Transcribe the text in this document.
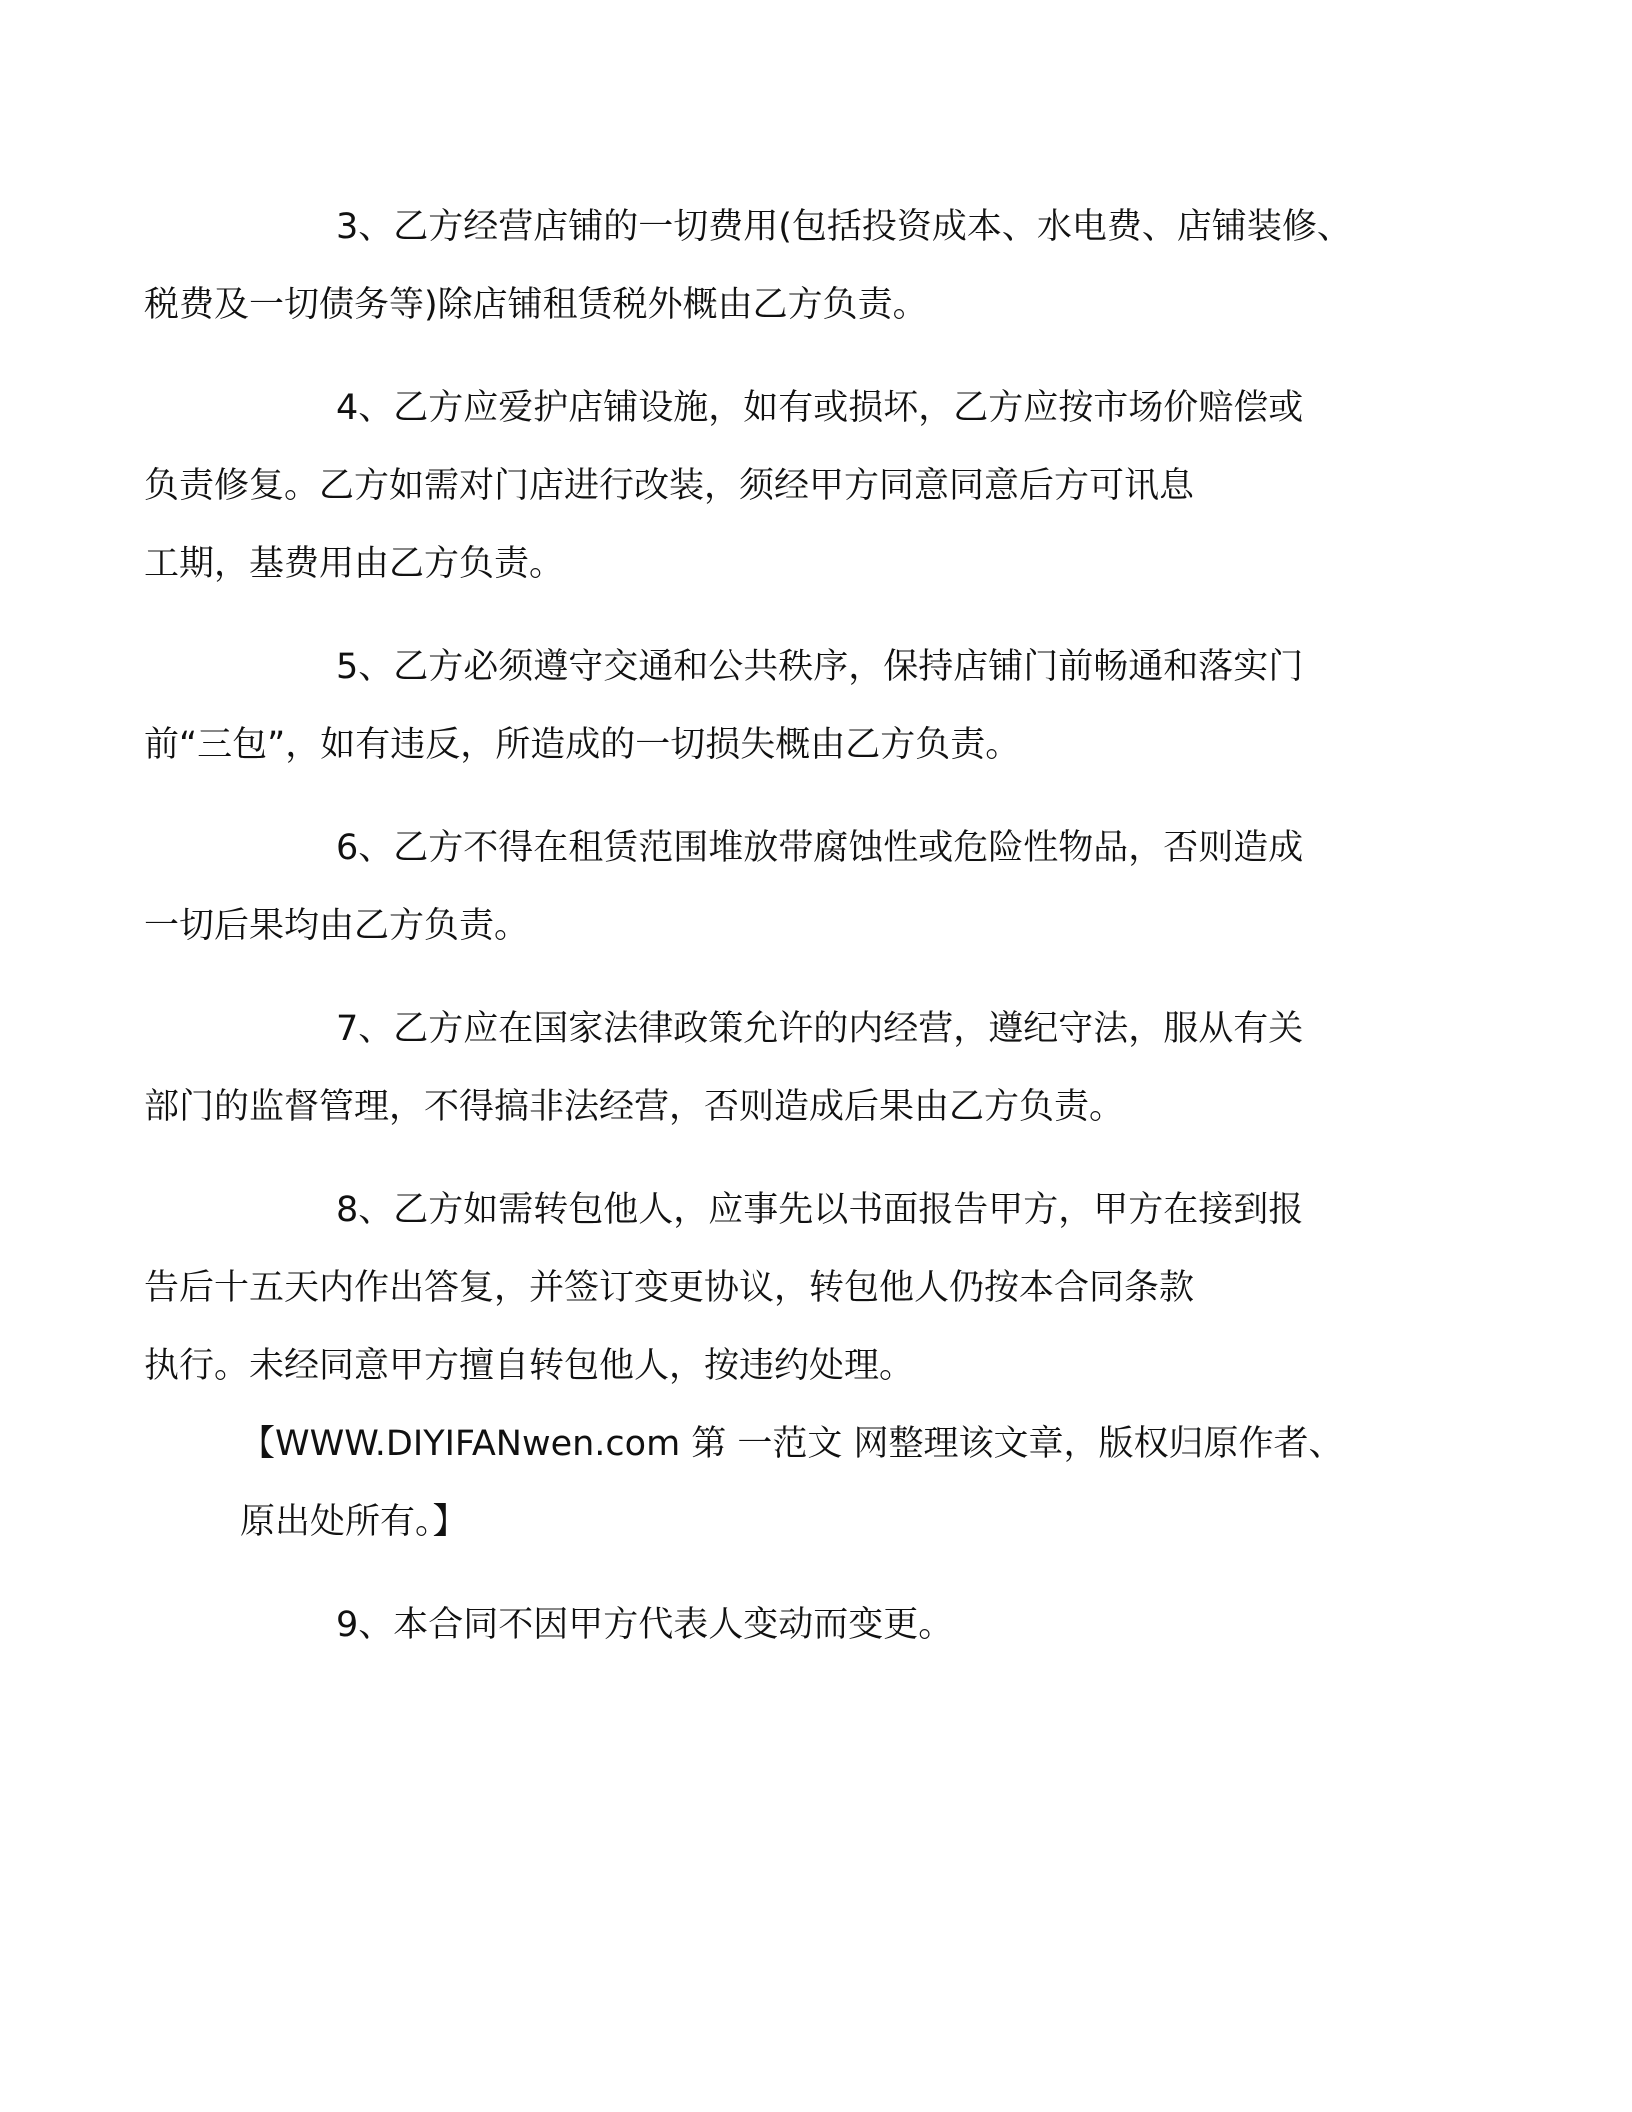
3、乙方经营店铺的一切费用(包括投资成本、水电费、店铺装修、
税费及一切债务等)除店铺租赁税外概由乙方负责。

4、乙方应爱护店铺设施，如有或损坏，乙方应按市场价赔偿或
负责修复。乙方如需对门店进行改装，须经甲方同意同意后方可讯息
工期，基费用由乙方负责。

5、乙方必须遵守交通和公共秩序，保持店铺门前畅通和落实门
前“三包”，如有违反，所造成的一切损失概由乙方负责。

6、乙方不得在租赁范围堆放带腐蚀性或危险性物品，否则造成
一切后果均由乙方负责。

7、乙方应在国家法律政策允许的内经营，遵纪守法，服从有关
部门的监督管理，不得搞非法经营，否则造成后果由乙方负责。

8、乙方如需转包他人，应事先以书面报告甲方，甲方在接到报
告后十五天内作出答复，并签订变更协议，转包他人仍按本合同条款
执行。未经同意甲方擅自转包他人，按违约处理。

【WWW.DIYIFANwen.com 第 一范文 网整理该文章，版权归原作者、
原出处所有。】

9、本合同不因甲方代表人变动而变更。
